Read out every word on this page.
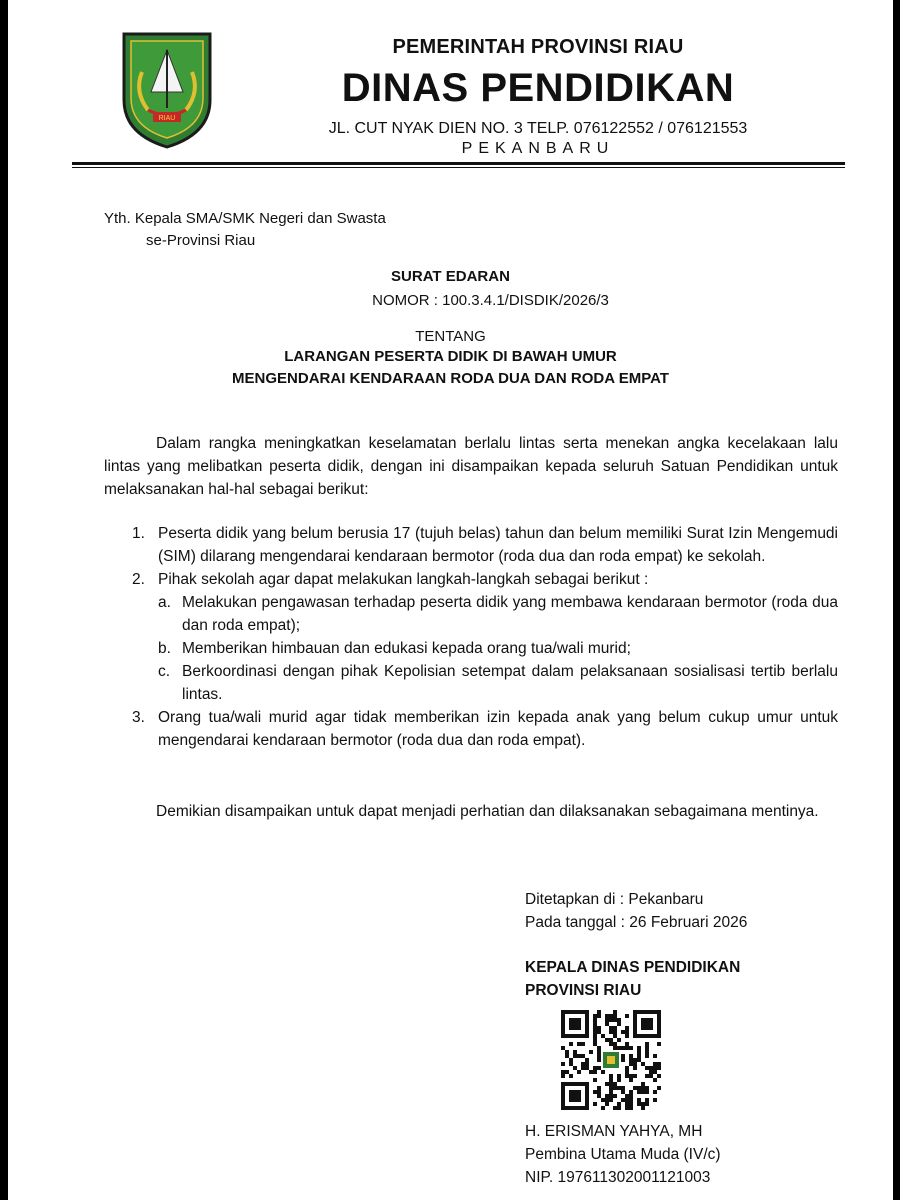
RIAU
PEMERINTAH PROVINSI RIAU
DINAS PENDIDIKAN
JL. CUT NYAK DIEN NO. 3 TELP. 076122552 / 076121553
PEKANBARU
Yth. Kepala SMA/SMK Negeri dan Swasta
se-Provinsi Riau
SURAT EDARAN
NOMOR : 100.3.4.1/DISDIK/2026/3
TENTANG
LARANGAN PESERTA DIDIK DI BAWAH UMUR
MENGENDARAI KENDARAAN RODA DUA DAN RODA EMPAT
Dalam rangka meningkatkan keselamatan berlalu lintas serta menekan angka kecelakaan lalu lintas yang melibatkan peserta didik, dengan ini disampaikan kepada seluruh Satuan Pendidikan untuk melaksanakan hal-hal sebagai berikut:
1. Peserta didik yang belum berusia 17 (tujuh belas) tahun dan belum memiliki Surat Izin Mengemudi (SIM) dilarang mengendarai kendaraan bermotor (roda dua dan roda empat) ke sekolah.
2. Pihak sekolah agar dapat melakukan langkah-langkah sebagai berikut :
a. Melakukan pengawasan terhadap peserta didik yang membawa kendaraan bermotor (roda dua dan roda empat);
b. Memberikan himbauan dan edukasi kepada orang tua/wali murid;
c. Berkoordinasi dengan pihak Kepolisian setempat dalam pelaksanaan sosialisasi tertib berlalu lintas.
3. Orang tua/wali murid agar tidak memberikan izin kepada anak yang belum cukup umur untuk mengendarai kendaraan bermotor (roda dua dan roda empat).
Demikian disampaikan untuk dapat menjadi perhatian dan dilaksanakan sebagaimana mentinya.
Ditetapkan di : Pekanbaru
Pada tanggal : 26 Februari 2026
KEPALA DINAS PENDIDIKAN
PROVINSI RIAU
H. ERISMAN YAHYA, MH
Pembina Utama Muda (IV/c)
NIP. 197611302001121003
